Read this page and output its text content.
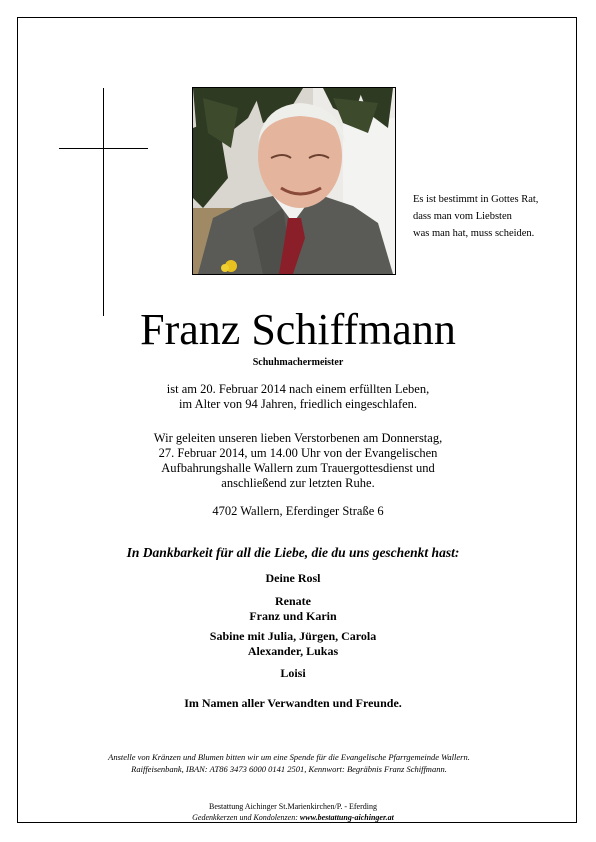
Es ist bestimmt in Gottes Rat,
dass man vom Liebsten
was man hat, muss scheiden.
Franz Schiffmann
Schuhmachermeister
ist am 20. Februar 2014 nach einem erfüllten Leben,
im Alter von 94 Jahren, friedlich eingeschlafen.
Wir geleiten unseren lieben Verstorbenen am Donnerstag,
27. Februar 2014, um 14.00 Uhr von der Evangelischen
Aufbahrungshalle Wallern zum Trauergottesdienst und
anschließend zur letzten Ruhe.
4702 Wallern, Eferdinger Straße 6
In Dankbarkeit für all die Liebe, die du uns geschenkt hast:
Deine Rosl
Renate
Franz und Karin
Sabine mit Julia, Jürgen, Carola
Alexander, Lukas
Loisi
Im Namen aller Verwandten und Freunde.
Anstelle von Kränzen und Blumen bitten wir um eine Spende für die Evangelische Pfarrgemeinde Wallern.
Raiffeisenbank, IBAN: AT86 3473 6000 0141 2501, Kennwort: Begräbnis Franz Schiffmann.
Bestattung Aichinger St.Marienkirchen/P. - Eferding
Gedenkkerzen und Kondolenzen: www.bestattung-aichinger.at
